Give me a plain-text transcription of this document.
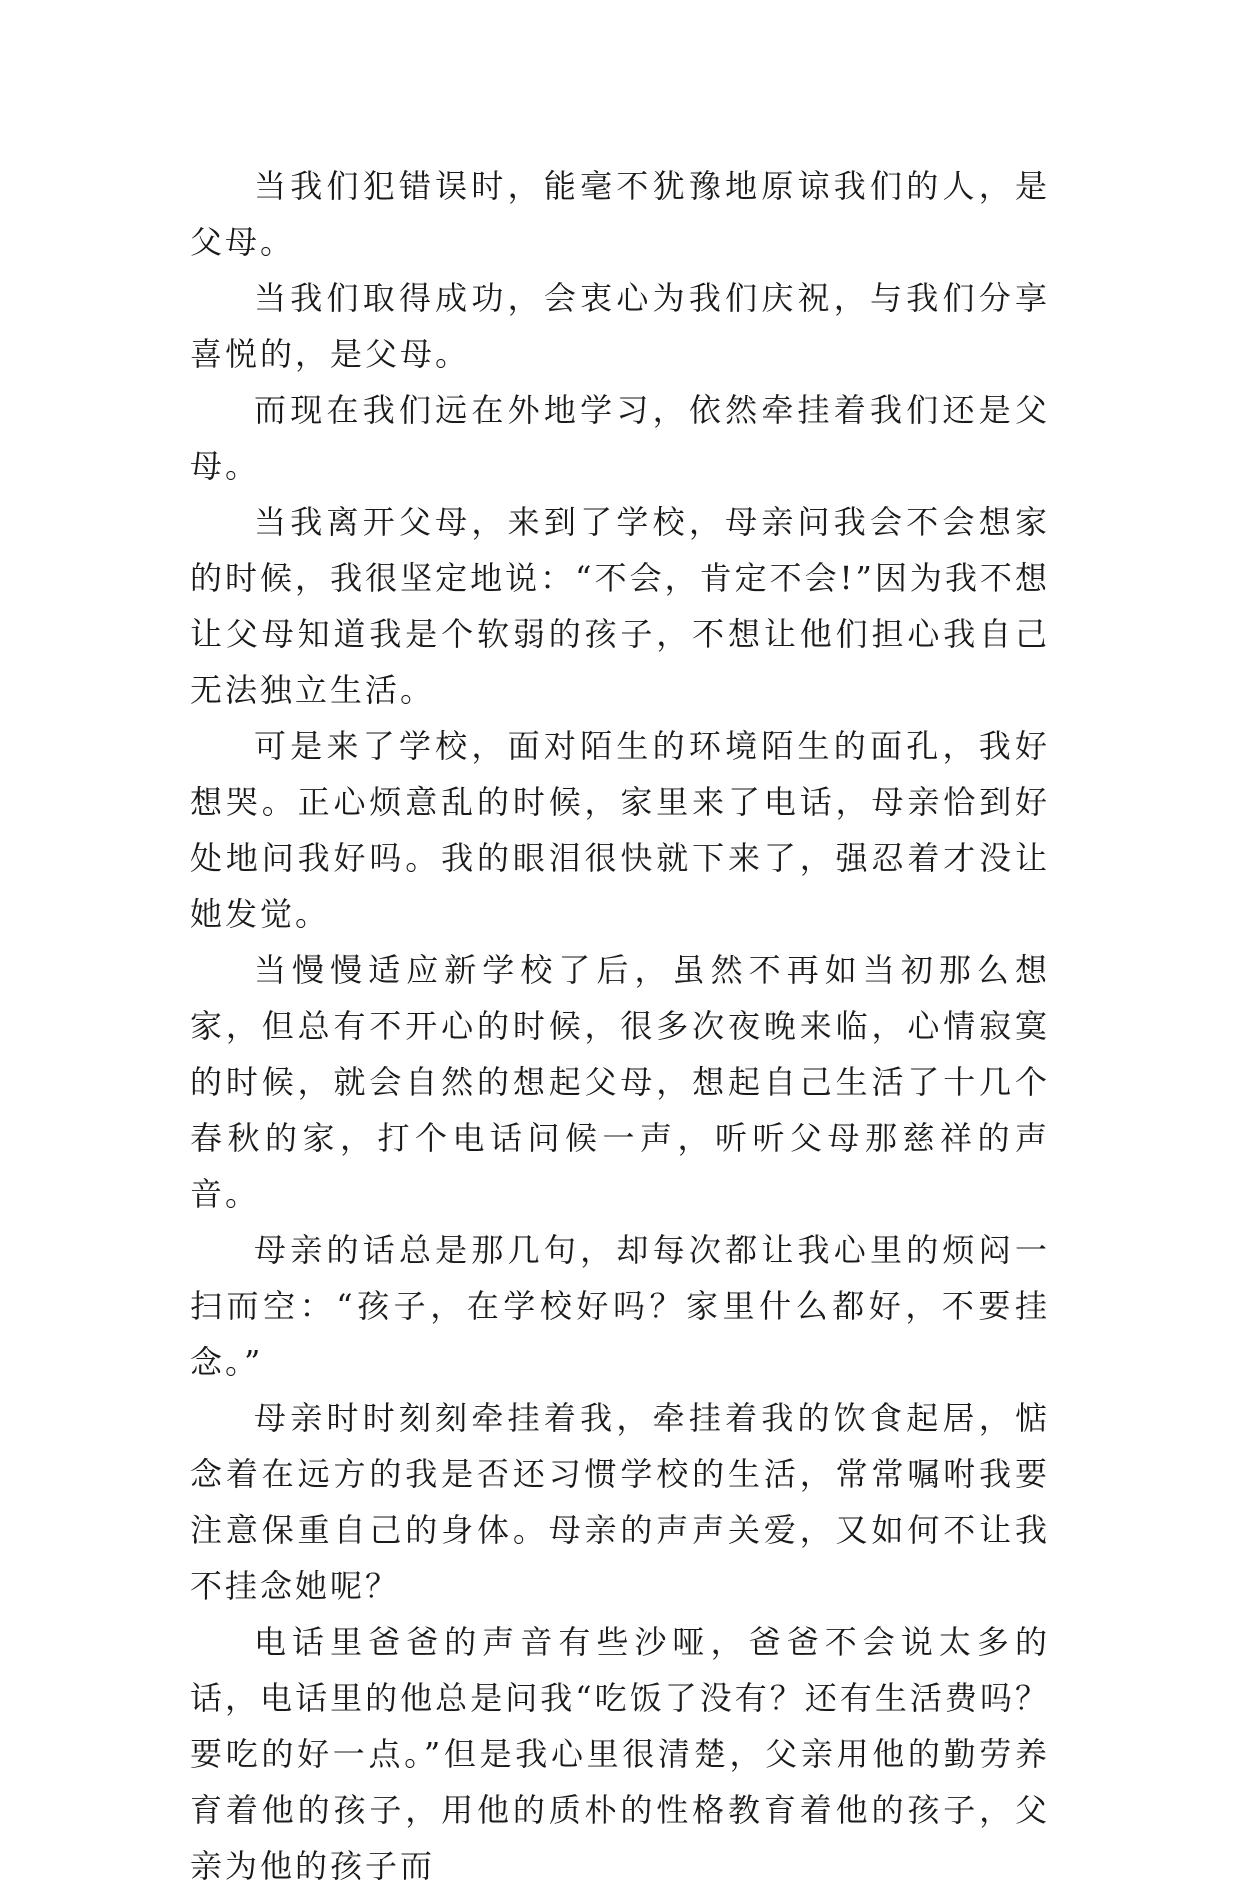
当我们犯错误时，能毫不犹豫地原谅我们的人，是父母。

当我们取得成功，会衷心为我们庆祝，与我们分享喜悦的，是父母。

而现在我们远在外地学习，依然牵挂着我们还是父母。

当我离开父母，来到了学校，母亲问我会不会想家的时候，我很坚定地说：“不会，肯定不会!”因为我不想让父母知道我是个软弱的孩子，不想让他们担心我自己无法独立生活。

可是来了学校，面对陌生的环境陌生的面孔，我好想哭。正心烦意乱的时候，家里来了电话，母亲恰到好处地问我好吗。我的眼泪很快就下来了，强忍着才没让她发觉。

当慢慢适应新学校了后，虽然不再如当初那么想家，但总有不开心的时候，很多次夜晚来临，心情寂寞的时候，就会自然的想起父母，想起自己生活了十几个春秋的家，打个电话问候一声，听听父母那慈祥的声音。

母亲的话总是那几句，却每次都让我心里的烦闷一扫而空：“孩子，在学校好吗？家里什么都好，不要挂念。”

母亲时时刻刻牵挂着我，牵挂着我的饮食起居，惦念着在远方的我是否还习惯学校的生活，常常嘱咐我要注意保重自己的身体。母亲的声声关爱，又如何不让我不挂念她呢？

电话里爸爸的声音有些沙哑，爸爸不会说太多的话，电话里的他总是问我“吃饭了没有？还有生活费吗？要吃的好一点。”但是我心里很清楚，父亲用他的勤劳养育着他的孩子，用他的质朴的性格教育着他的孩子，父亲为他的孩子而
